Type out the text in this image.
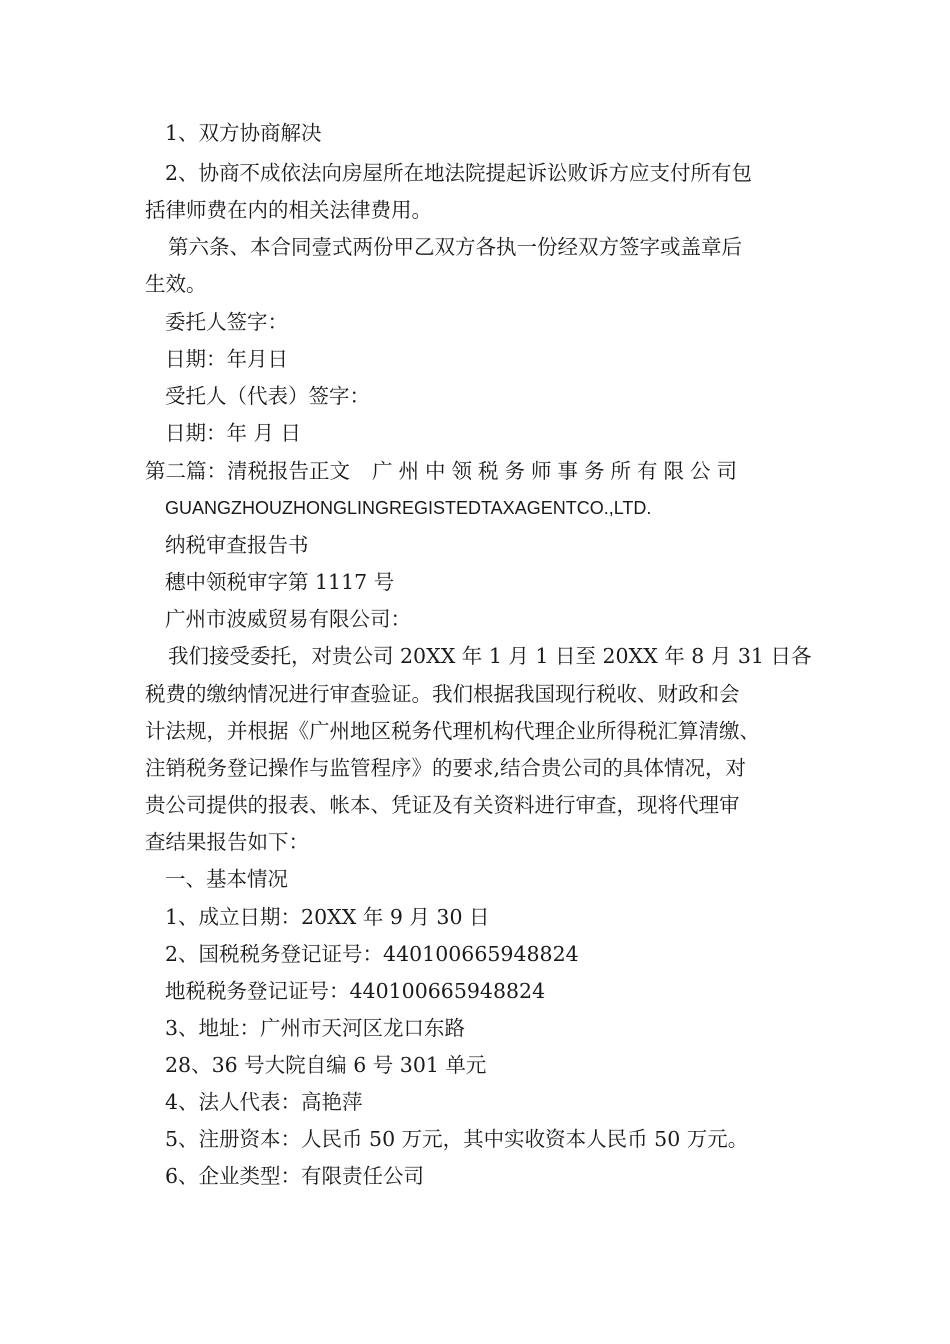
1、双方协商解决
2、协商不成依法向房屋所在地法院提起诉讼败诉方应支付所有包
括律师费在内的相关法律费用。
第六条、本合同壹式两份甲乙双方各执一份经双方签字或盖章后
生效。
委托人签字：
日期：年月日
受托人（代表）签字：
日期：年 月 日
第二篇：清税报告正文 广州中领税务师事务所有限公司
GUANGZHOUZHONGLINGREGISTEDTAXAGENTCO.,LTD.
纳税审查报告书
穗中领税审字第 1117 号
广州市波威贸易有限公司：
我们接受委托，对贵公司 20XX 年 1 月 1 日至 20XX 年 8 月 31 日各
税费的缴纳情况进行审查验证。我们根据我国现行税收、财政和会
计法规，并根据《广州地区税务代理机构代理企业所得税汇算清缴、
注销税务登记操作与监管程序》的要求,结合贵公司的具体情况，对
贵公司提供的报表、帐本、凭证及有关资料进行审查，现将代理审
查结果报告如下：
一、基本情况
1、成立日期：20XX 年 9 月 30 日
2、国税税务登记证号：440100665948824
地税税务登记证号：440100665948824
3、地址：广州市天河区龙口东路
28、36 号大院自编 6 号 301 单元
4、法人代表：高艳萍
5、注册资本：人民币 50 万元，其中实收资本人民币 50 万元。
6、企业类型：有限责任公司
